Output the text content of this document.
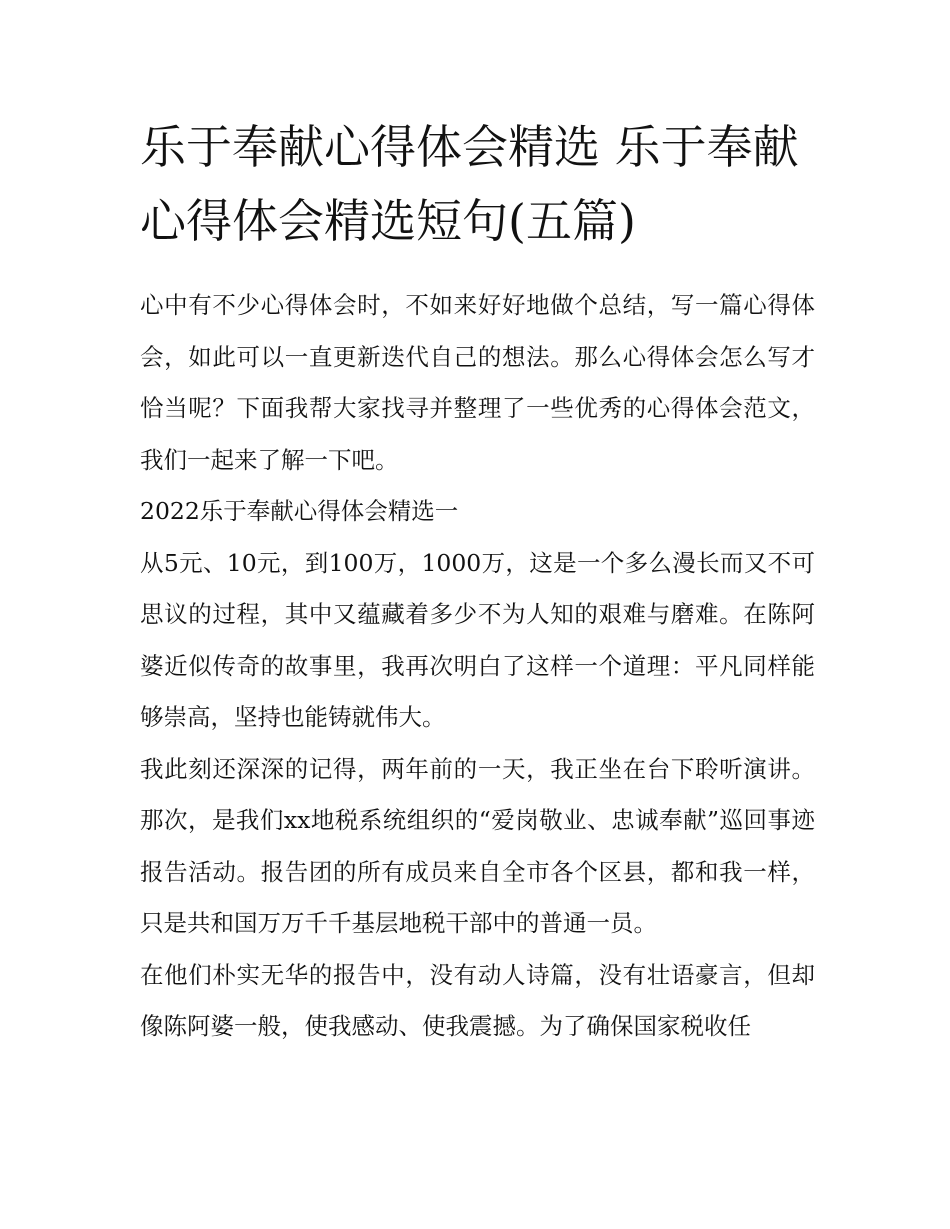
乐于奉献心得体会精选 乐于奉献心得体会精选短句(五篇)

心中有不少心得体会时，不如来好好地做个总结，写一篇心得体会，如此可以一直更新迭代自己的想法。那么心得体会怎么写才恰当呢？下面我帮大家找寻并整理了一些优秀的心得体会范文，我们一起来了解一下吧。

2022乐于奉献心得体会精选一

从5元、10元，到100万，1000万，这是一个多么漫长而又不可思议的过程，其中又蕴藏着多少不为人知的艰难与磨难。在陈阿婆近似传奇的故事里，我再次明白了这样一个道理：平凡同样能够崇高，坚持也能铸就伟大。

我此刻还深深的记得，两年前的一天，我正坐在台下聆听演讲。那次，是我们xx地税系统组织的“爱岗敬业、忠诚奉献”巡回事迹报告活动。报告团的所有成员来自全市各个区县，都和我一样，只是共和国万万千千基层地税干部中的普通一员。

在他们朴实无华的报告中，没有动人诗篇，没有壮语豪言，但却像陈阿婆一般，使我感动、使我震撼。为了确保国家税收任
